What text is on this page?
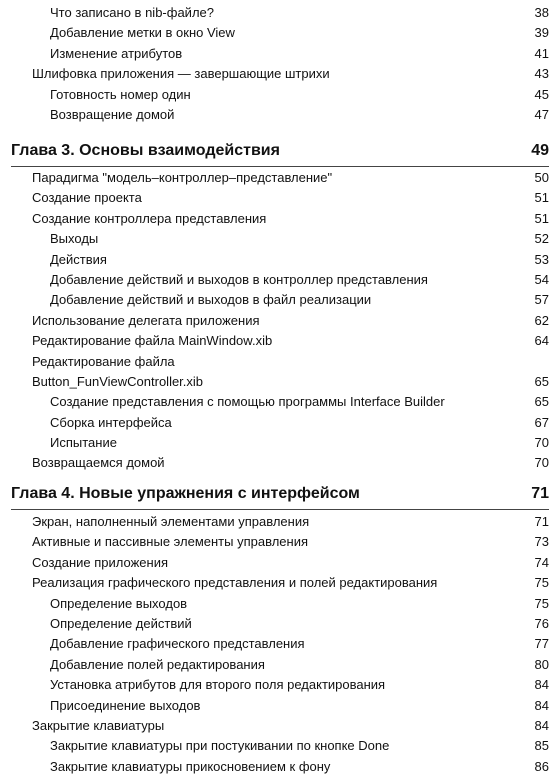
Что записано в nib-файле?	38
Добавление метки в окно View	39
Изменение атрибутов	41
Шлифовка приложения — завершающие штрихи	43
Готовность номер один	45
Возвращение домой	47
Глава 3. Основы взаимодействия	49
Парадигма "модель–контроллер–представление"	50
Создание проекта	51
Создание контроллера представления	51
Выходы	52
Действия	53
Добавление действий и выходов в контроллер представления	54
Добавление действий и выходов в файл реализации	57
Использование делегата приложения	62
Редактирование файла MainWindow.xib	64
Редактирование файла
Button_FunViewController.xib	65
Создание представления с помощью программы Interface Builder	65
Сборка интерфейса	67
Испытание	70
Возвращаемся домой	70
Глава 4. Новые упражнения с интерфейсом	71
Экран, наполненный элементами управления	71
Активные и пассивные элементы управления	73
Создание приложения	74
Реализация графического представления и полей редактирования	75
Определение выходов	75
Определение действий	76
Добавление графического представления	77
Добавление полей редактирования	80
Установка атрибутов для второго поля редактирования	84
Присоединение выходов	84
Закрытие клавиатуры	84
Закрытие клавиатуры при постукивании по кнопке Done	85
Закрытие клавиатуры прикосновением к фону	86
